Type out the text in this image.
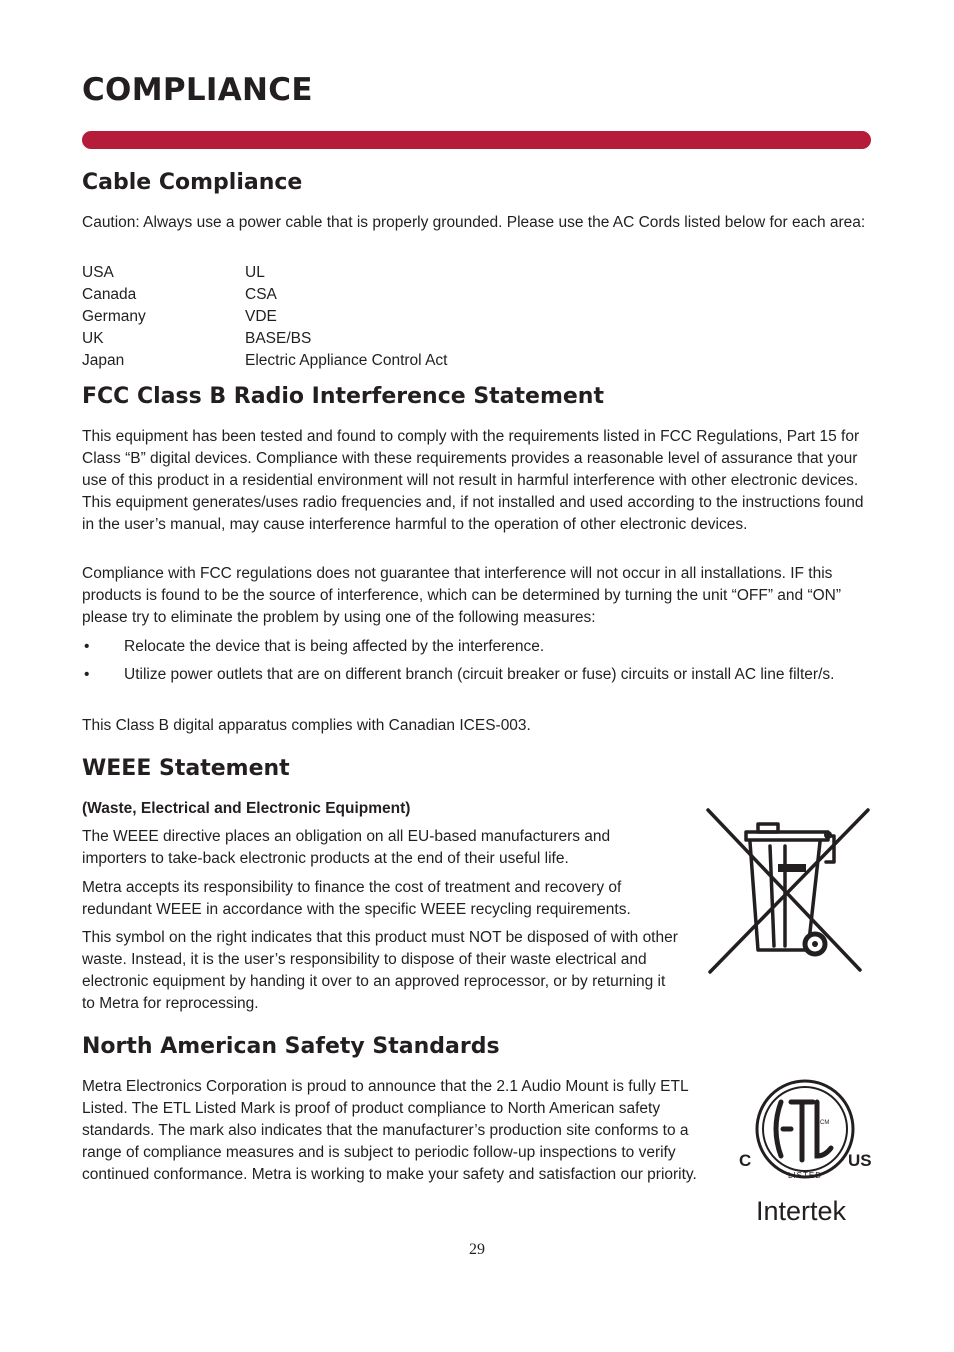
COMPLIANCE
Cable Compliance

Caution: Always use a power cable that is properly grounded. Please use the AC Cords listed below for each area:

USA	UL
Canada	CSA
Germany	VDE
UK	BASE/BS
Japan	Electric Appliance Control Act
FCC Class B Radio Interference Statement

This equipment has been tested and found to comply with the requirements listed in FCC Regulations, Part 15 for Class “B” digital devices. Compliance with these requirements provides a reasonable level of assurance that your use of this product in a residential environment will not result in harmful interference with other electronic devices. This equipment generates/uses radio frequencies and, if not installed and used according to the instructions found in the user’s manual, may cause interference harmful to the operation of other electronic devices.

Compliance with FCC regulations does not guarantee that interference will not occur in all installations. IF this products is found to be the source of interference, which can be determined by turning the unit “OFF” and “ON” please try to eliminate the problem by using one of the following measures:

•	Relocate the device that is being affected by the interference.
•	Utilize power outlets that are on different branch (circuit breaker or fuse) circuits or install AC line filter/s.

This Class B digital apparatus complies with Canadian ICES-003.

WEEE Statement

(Waste, Electrical and Electronic Equipment)

The WEEE directive places an obligation on all EU-based manufacturers and importers to take-back electronic products at the end of their useful life.

Metra accepts its responsibility to finance the cost of treatment and recovery of redundant WEEE in accordance with the specific WEEE recycling requirements.

This symbol on the right indicates that this product must NOT be disposed of with other waste. Instead, it is the user’s responsibility to dispose of their waste electrical and electronic equipment by handing it over to an approved reprocessor, or by returning it to Metra for reprocessing.

North American Safety Standards

Metra Electronics Corporation is proud to announce that the 2.1 Audio Mount is fully ETL Listed. The ETL Listed Mark is proof of product compliance to North American safety standards. The mark also indicates that the manufacturer’s production site conforms to a range of compliance measures and is subject to periodic follow-up inspections to verify continued conformance. Metra is working to make your safety and satisfaction our priority.

CM
C	US
LISTED
Intertek
29
